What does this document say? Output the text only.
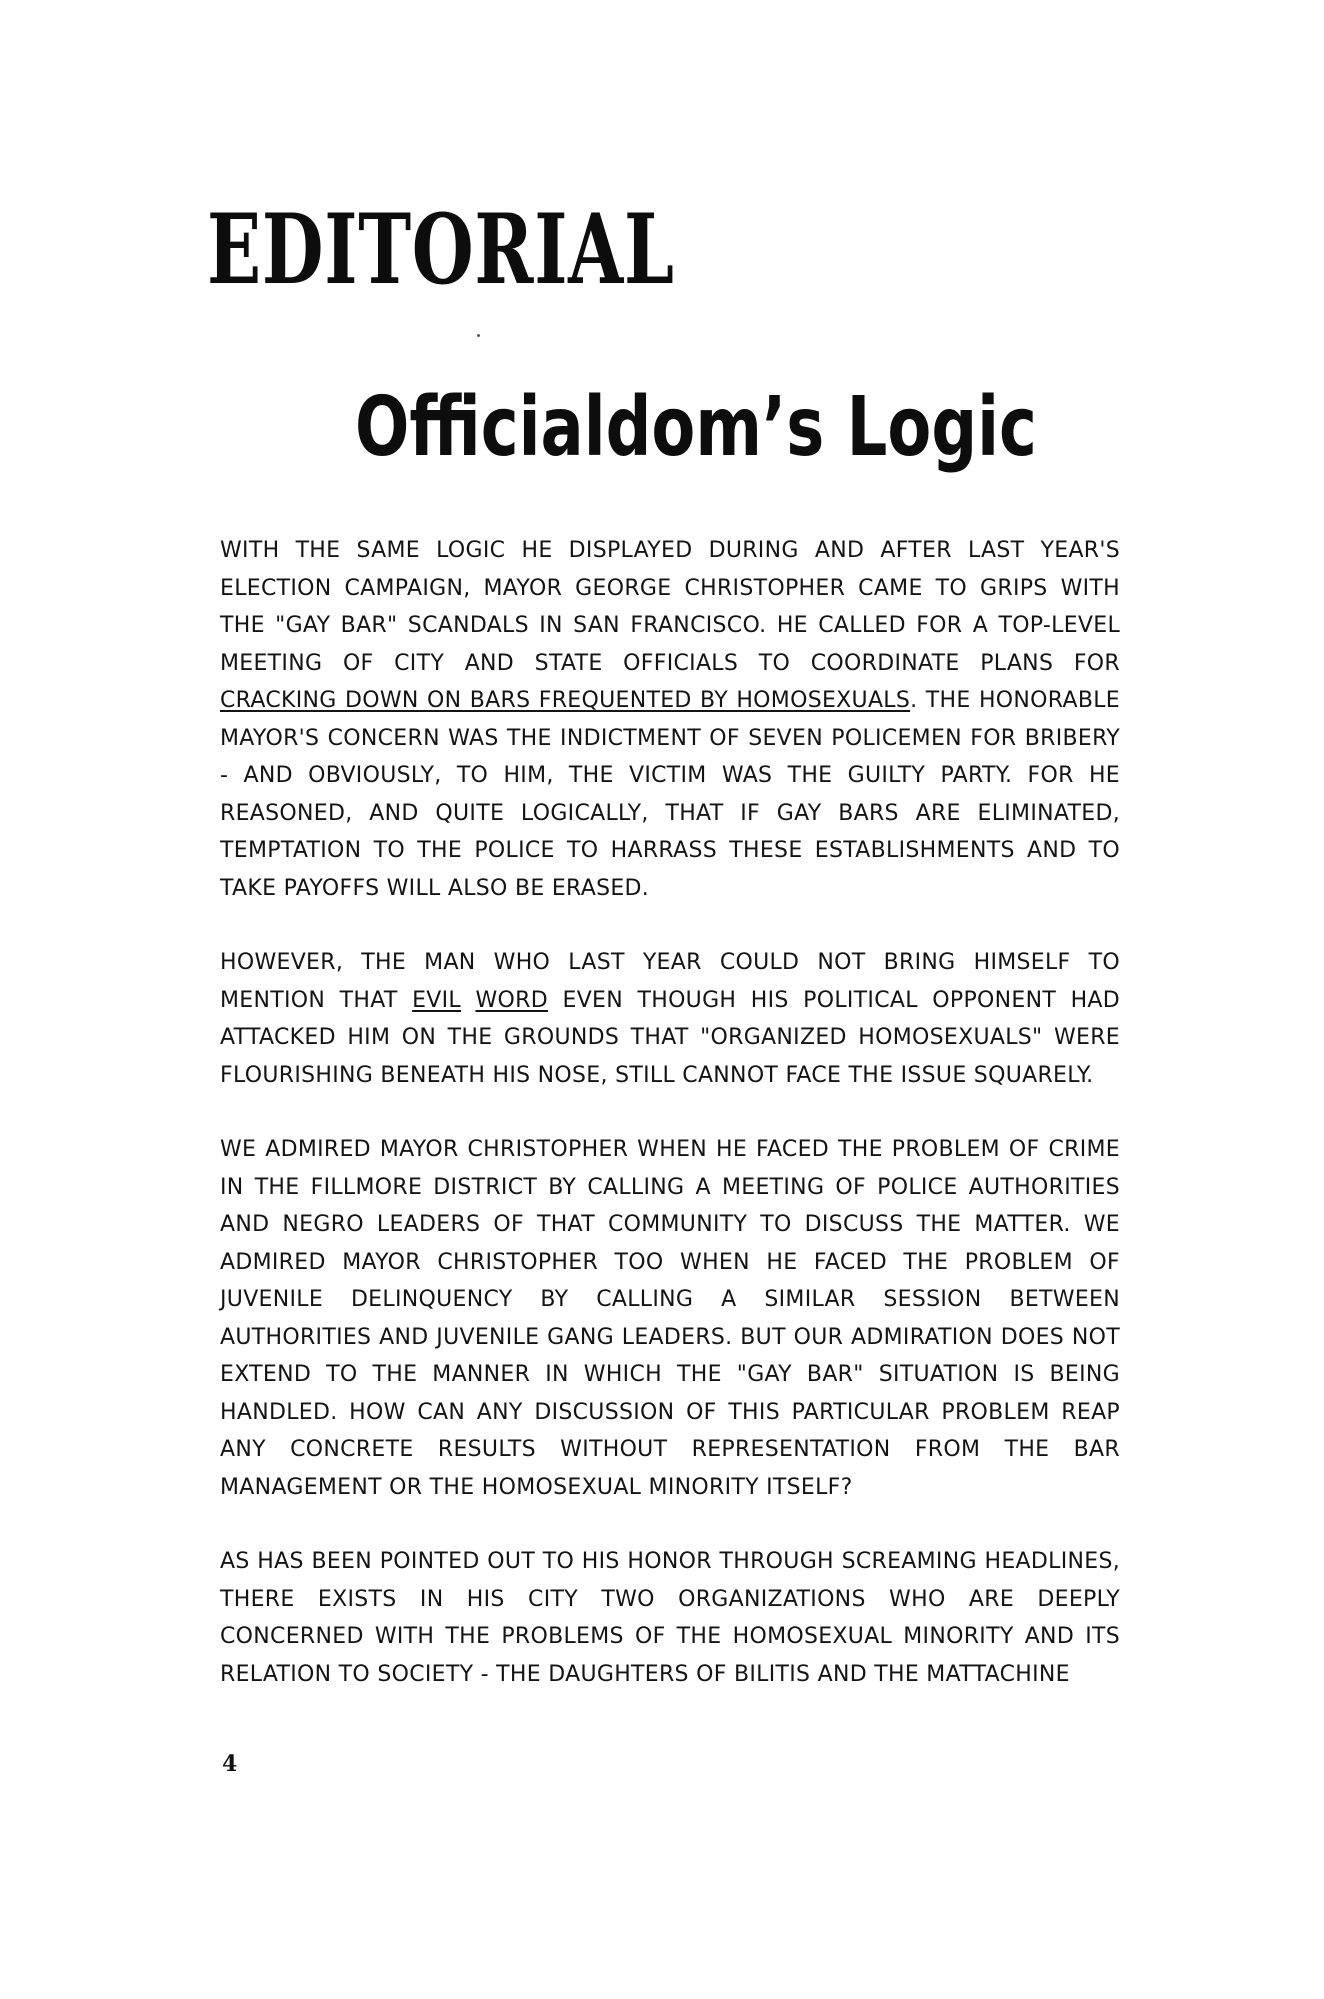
EDITORIAL
Officialdom’s Logic

WITH THE SAME LOGIC HE DISPLAYED DURING AND AFTER LAST YEAR'S ELECTION CAMPAIGN, MAYOR GEORGE CHRISTOPHER CAME TO GRIPS WITH THE "GAY BAR" SCANDALS IN SAN FRANCISCO. HE CALLED FOR A TOP-LEVEL MEETING OF CITY AND STATE OFFICIALS TO COORDINATE PLANS FOR CRACKING DOWN ON BARS FREQUENTED BY HOMOSEXUALS. THE HONORABLE MAYOR'S CONCERN WAS THE INDICTMENT OF SEVEN POLICEMEN FOR BRIBERY - AND OBVIOUSLY, TO HIM, THE VICTIM WAS THE GUILTY PARTY. FOR HE REASONED, AND QUITE LOGICALLY, THAT IF GAY BARS ARE ELIMINATED, TEMPTATION TO THE POLICE TO HARRASS THESE ESTABLISHMENTS AND TO TAKE PAYOFFS WILL ALSO BE ERASED.

HOWEVER, THE MAN WHO LAST YEAR COULD NOT BRING HIMSELF TO MENTION THAT EVIL WORD EVEN THOUGH HIS POLITICAL OPPONENT HAD ATTACKED HIM ON THE GROUNDS THAT "ORGANIZED HOMOSEXUALS" WERE FLOURISHING BENEATH HIS NOSE, STILL CANNOT FACE THE ISSUE SQUARELY.

WE ADMIRED MAYOR CHRISTOPHER WHEN HE FACED THE PROBLEM OF CRIME IN THE FILLMORE DISTRICT BY CALLING A MEETING OF POLICE AUTHORITIES AND NEGRO LEADERS OF THAT COMMUNITY TO DISCUSS THE MATTER. WE ADMIRED MAYOR CHRISTOPHER TOO WHEN HE FACED THE PROBLEM OF JUVENILE DELINQUENCY BY CALLING A SIMILAR SESSION BETWEEN AUTHORITIES AND JUVENILE GANG LEADERS. BUT OUR ADMIRATION DOES NOT EXTEND TO THE MANNER IN WHICH THE "GAY BAR" SITUATION IS BEING HANDLED. HOW CAN ANY DISCUSSION OF THIS PARTICULAR PROBLEM REAP ANY CONCRETE RESULTS WITHOUT REPRESENTATION FROM THE BAR MANAGEMENT OR THE HOMOSEXUAL MINORITY ITSELF?

AS HAS BEEN POINTED OUT TO HIS HONOR THROUGH SCREAMING HEADLINES, THERE EXISTS IN HIS CITY TWO ORGANIZATIONS WHO ARE DEEPLY CONCERNED WITH THE PROBLEMS OF THE HOMOSEXUAL MINORITY AND ITS RELATION TO SOCIETY - THE DAUGHTERS OF BILITIS AND THE MATTACHINE

4
